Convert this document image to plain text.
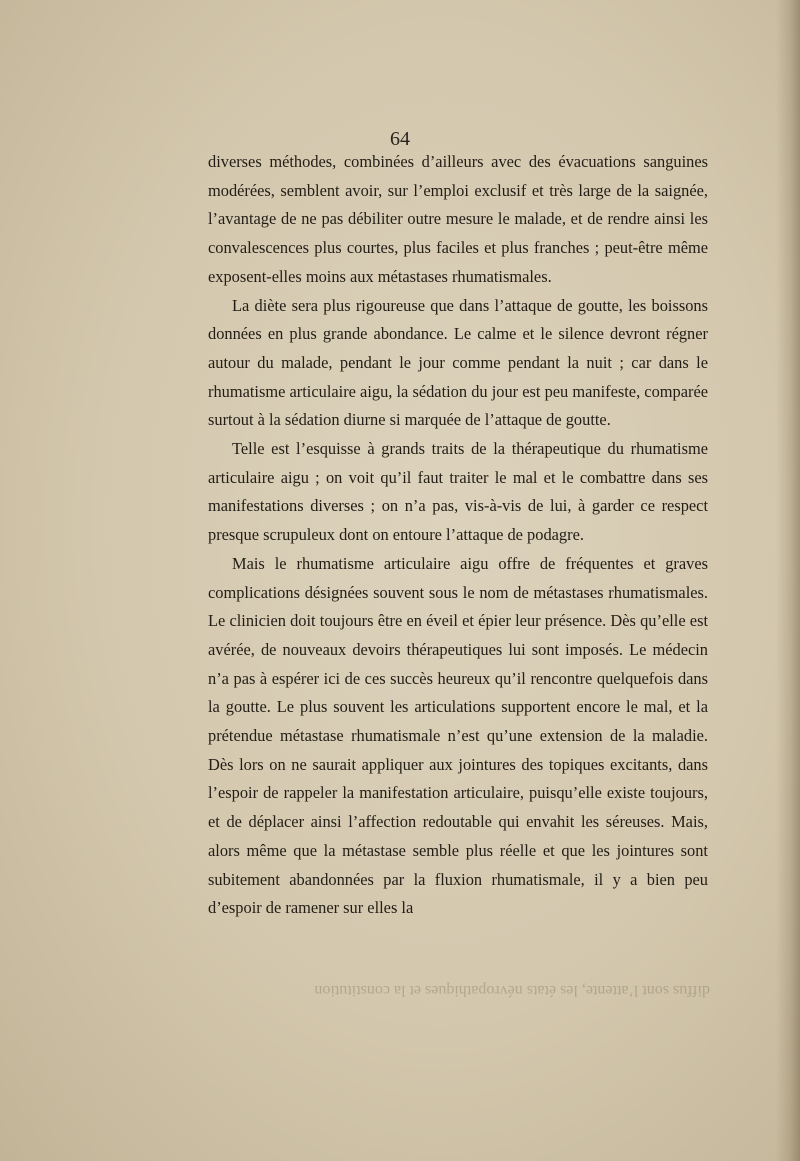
64

diverses méthodes, combinées d’ailleurs avec des évacuations sanguines modérées, semblent avoir, sur l’emploi exclusif et très large de la saignée, l’avantage de ne pas débiliter outre mesure le malade, et de rendre ainsi les convalescences plus courtes, plus faciles et plus franches ; peut-être même exposent-elles moins aux métastases rhumatismales.

La diète sera plus rigoureuse que dans l’attaque de goutte, les boissons données en plus grande abondance. Le calme et le silence devront régner autour du malade, pendant le jour comme pendant la nuit ; car dans le rhumatisme articulaire aigu, la sédation du jour est peu manifeste, comparée surtout à la sédation diurne si marquée de l’attaque de goutte.

Telle est l’esquisse à grands traits de la thérapeutique du rhumatisme articulaire aigu ; on voit qu’il faut traiter le mal et le combattre dans ses manifestations diverses ; on n’a pas, vis-à-vis de lui, à garder ce respect presque scrupuleux dont on entoure l’attaque de podagre.

Mais le rhumatisme articulaire aigu offre de fréquentes et graves complications désignées souvent sous le nom de métastases rhumatismales. Le clinicien doit toujours être en éveil et épier leur présence. Dès qu’elle est avérée, de nouveaux devoirs thérapeutiques lui sont imposés. Le médecin n’a pas à espérer ici de ces succès heureux qu’il rencontre quelquefois dans la goutte. Le plus souvent les articulations supportent encore le mal, et la prétendue métastase rhumatismale n’est qu’une extension de la maladie. Dès lors on ne saurait appliquer aux jointures des topiques excitants, dans l’espoir de rappeler la manifestation articulaire, puisqu’elle existe toujours, et de déplacer ainsi l’affection redoutable qui envahit les séreuses. Mais, alors même que la métastase semble plus réelle et que les jointures sont subitement abandonnées par la fluxion rhumatismale, il y a bien peu d’espoir de ramener sur elles la

diffus sont l’attente, les états névropathiques et la constitution
